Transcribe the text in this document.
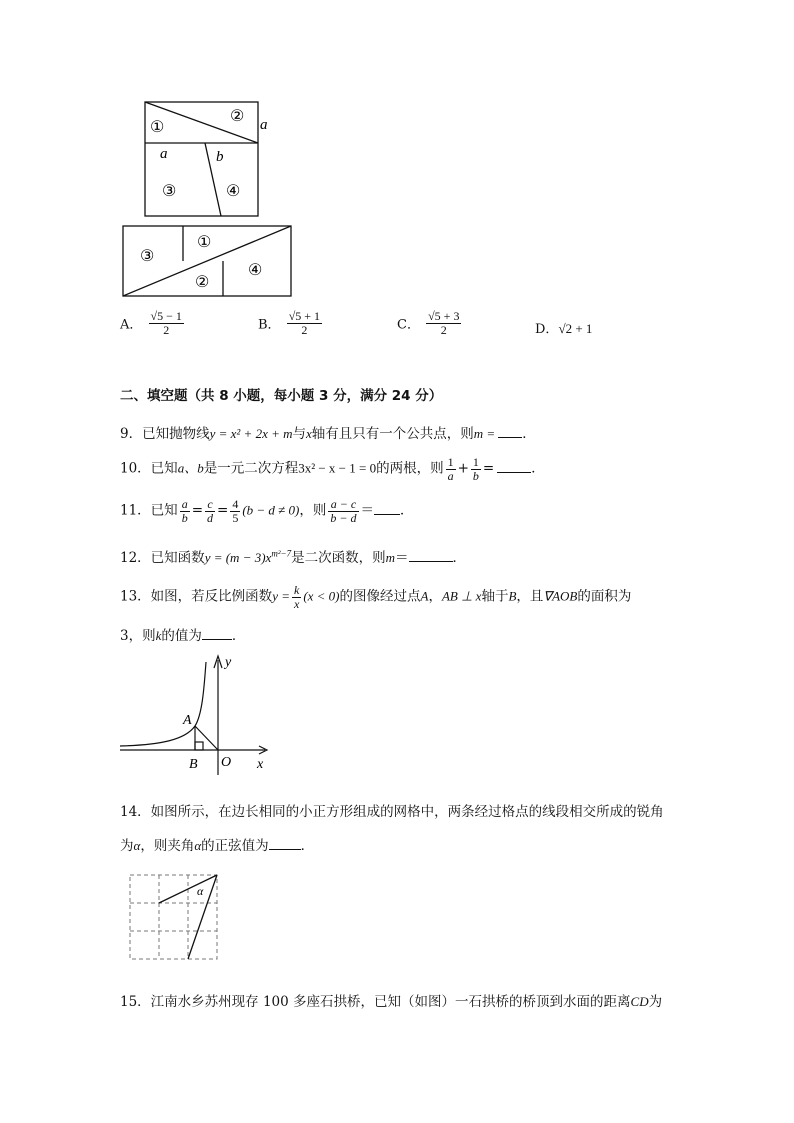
①
② a
a	b
③	④
③
①
②
④
A． $\frac{√5 - 1}{2}$	B． $\frac{√5 + 1}{2}$	C． $\frac{√5 + 3}{2}$	D．√2 + 1
二、填空题（共 8 小题，每小题 3 分，满分 24 分）
9．已知抛物线y = x² + 2x + m与x轴有且只有一个公共点，则m = ．
10．已知a、b是一元二次方程3x² − x − 1 = 0的两根，则 $\frac{1}{a} + \frac{1}{b}$ =	．
11．已知 $\frac{a}{b} = \frac{c}{d} = \frac{4}{5} (b - d \ne 0)$，则 $\frac{a - c}{b - d}$ ＝ ．
12．已知函数$y = (m - 3)x^{m^2-7}$是二次函数，则m＝	．
13．如图，若反比例函数$y = \frac{k}{x} (x < 0)$的图像经过点A，AB ⊥ x轴于B，且∇AOB的面积为
3，则k的值为 ．
y
x
A
B O
14．如图所示，在边长相同的小正方形组成的网格中，两条经过格点的线段相交所成的锐角
为α，则夹角α的正弦值为 ．
α
15．江南水乡苏州现存 100 多座石拱桥，已知（如图）一石拱桥的桥顶到水面的距离CD为
